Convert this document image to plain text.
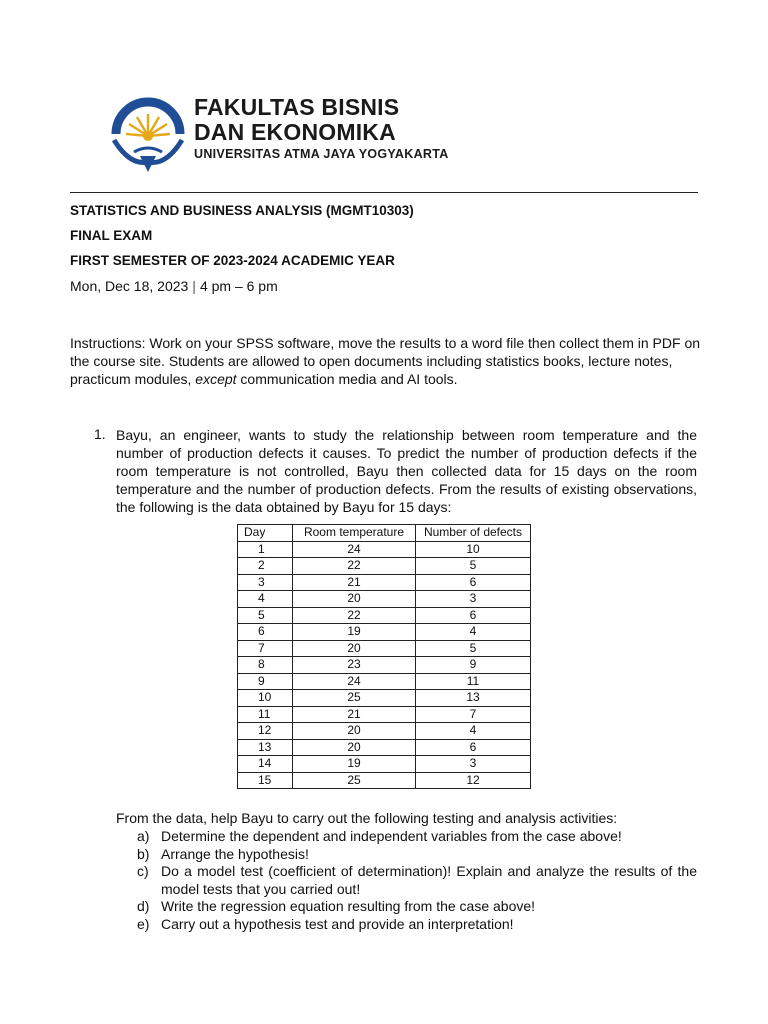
FAKULTAS BISNIS
DAN EKONOMIKA
UNIVERSITAS ATMA JAYA YOGYAKARTA
STATISTICS AND BUSINESS ANALYSIS (MGMT10303)
FINAL EXAM
FIRST SEMESTER OF 2023-2024 ACADEMIC YEAR
Mon, Dec 18, 2023 | 4 pm – 6 pm
Instructions: Work on your SPSS software, move the results to a word file then collect them in PDF on the course site. Students are allowed to open documents including statistics books, lecture notes, practicum modules, except communication media and AI tools.
1. Bayu, an engineer, wants to study the relationship between room temperature and the number of production defects it causes. To predict the number of production defects if the room temperature is not controlled, Bayu then collected data for 15 days on the room temperature and the number of production defects. From the results of existing observations, the following is the data obtained by Bayu for 15 days:
Day	Room temperature	Number of defects
1	24	10
2	22	5
3	21	6
4	20	3
5	22	6
6	19	4
7	20	5
8	23	9
9	24	11
10	25	13
11	21	7
12	20	4
13	20	6
14	19	3
15	25	12
From the data, help Bayu to carry out the following testing and analysis activities:
a) Determine the dependent and independent variables from the case above!
b) Arrange the hypothesis!
c) Do a model test (coefficient of determination)! Explain and analyze the results of the model tests that you carried out!
d) Write the regression equation resulting from the case above!
e) Carry out a hypothesis test and provide an interpretation!
